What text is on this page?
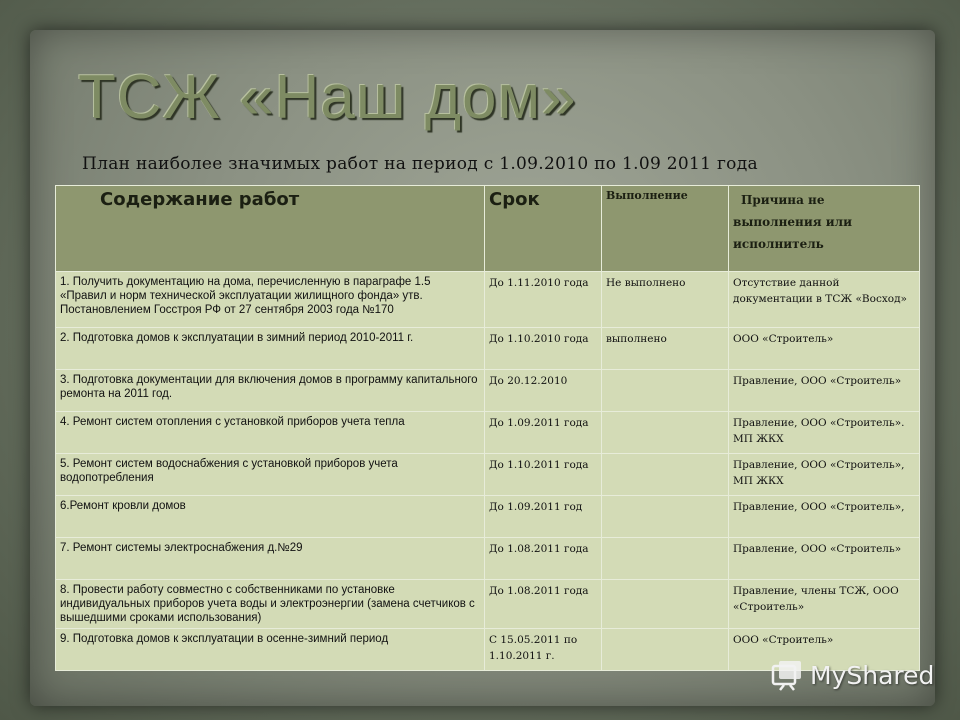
ТСЖ «Наш дом»

План наиболее значимых работ на период с 1.09.2010 по 1.09 2011 года

Содержание работ	Срок	Выполнение	Причина не
выполнения или
исполнитель
1. Получить документацию на дома, перечисленную в параграфе 1.5 «Правил и норм технической эксплуатации жилищного фонда» утв. Постановлением Госстроя РФ от 27 сентября 2003 года №170	До 1.11.2010 года	Не выполнено	Отсутствие данной документации в ТСЖ «Восход»
2. Подготовка домов к эксплуатации в зимний период 2010-2011 г.	До 1.10.2010 года	выполнено	ООО «Строитель»
3. Подготовка документации для включения домов в программу капитального ремонта на 2011 год.	До 20.12.2010		Правление, ООО «Строитель»
4. Ремонт систем отопления с установкой приборов учета тепла	До 1.09.2011 года		Правление, ООО «Строитель». МП ЖКХ
5. Ремонт систем водоснабжения с установкой приборов учета водопотребления	До 1.10.2011 года		Правление, ООО «Строитель», МП ЖКХ
6.Ремонт кровли домов	До 1.09.2011 год		Правление, ООО «Строитель»,
7. Ремонт системы электроснабжения д.№29	До 1.08.2011 года		Правление, ООО «Строитель»
8. Провести работу совместно с собственниками по установке индивидуальных приборов учета воды и электроэнергии (замена счетчиков с вышедшими сроками использования)	До 1.08.2011 года		Правление, члены ТСЖ, ООО «Строитель»
9. Подготовка домов к эксплуатации в осенне-зимний период	С 15.05.2011 по 1.10.2011 г.		ООО «Строитель»
MyShared
